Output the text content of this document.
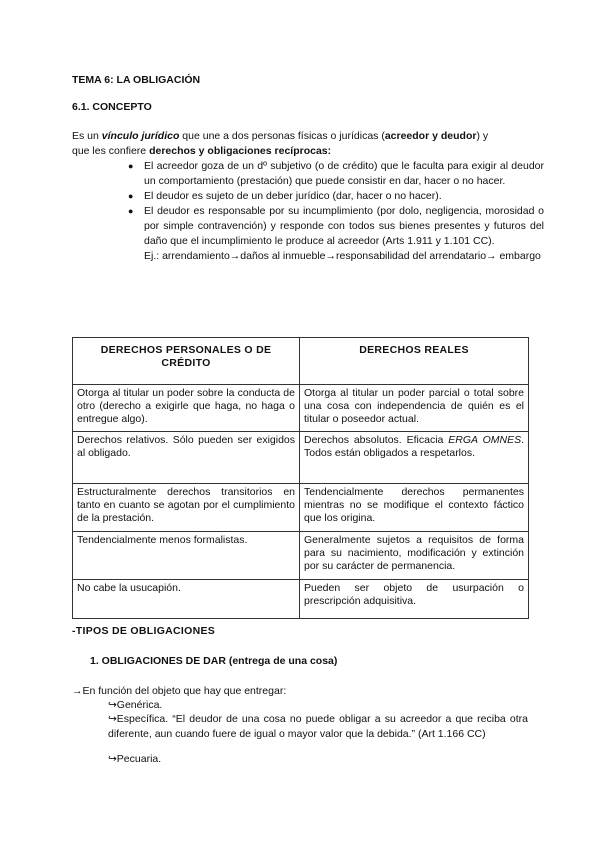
TEMA 6: LA OBLIGACIÓN
6.1. CONCEPTO
Es un vínculo jurídico que une a dos personas físicas o jurídicas (acreedor y deudor) y
que les confiere derechos y obligaciones recíprocas:
● El acreedor goza de un dº subjetivo (o de crédito) que le faculta para exigir al deudor un comportamiento (prestación) que puede consistir en dar, hacer o no hacer.
● El deudor es sujeto de un deber jurídico (dar, hacer o no hacer).
● El deudor es responsable por su incumplimiento (por dolo, negligencia, morosidad o por simple contravención) y responde con todos sus bienes presentes y futuros del daño que el incumplimiento le produce al acreedor (Arts 1.911 y 1.101 CC).
Ej.: arrendamiento→daños al inmueble→responsabilidad del arrendatario→ embargo
DERECHOS PERSONALES O DE CRÉDITO	DERECHOS REALES
Otorga al titular un poder sobre la conducta de otro (derecho a exigirle que haga, no haga o entregue algo).	Otorga al titular un poder parcial o total sobre una cosa con independencia de quién es el titular o poseedor actual.
Derechos relativos. Sólo pueden ser exigidos al obligado.	Derechos absolutos. Eficacia ERGA OMNES. Todos están obligados a respetarlos.
Estructuralmente derechos transitorios en tanto en cuanto se agotan por el cumplimiento de la prestación.	Tendencialmente derechos permanentes mientras no se modifique el contexto fáctico que los origina.
Tendencialmente menos formalistas.	Generalmente sujetos a requisitos de forma para su nacimiento, modificación y extinción por su carácter de permanencia.
No cabe la usucapión.	Pueden ser objeto de usurpación o prescripción adquisitiva.
-TIPOS DE OBLIGACIONES
1. OBLIGACIONES DE DAR (entrega de una cosa)
→En función del objeto que hay que entregar:
↪Genérica.
↪Específica. “El deudor de una cosa no puede obligar a su acreedor a que reciba otra diferente, aun cuando fuere de igual o mayor valor que la debida.” (Art 1.166 CC)
↪Pecuaria.
